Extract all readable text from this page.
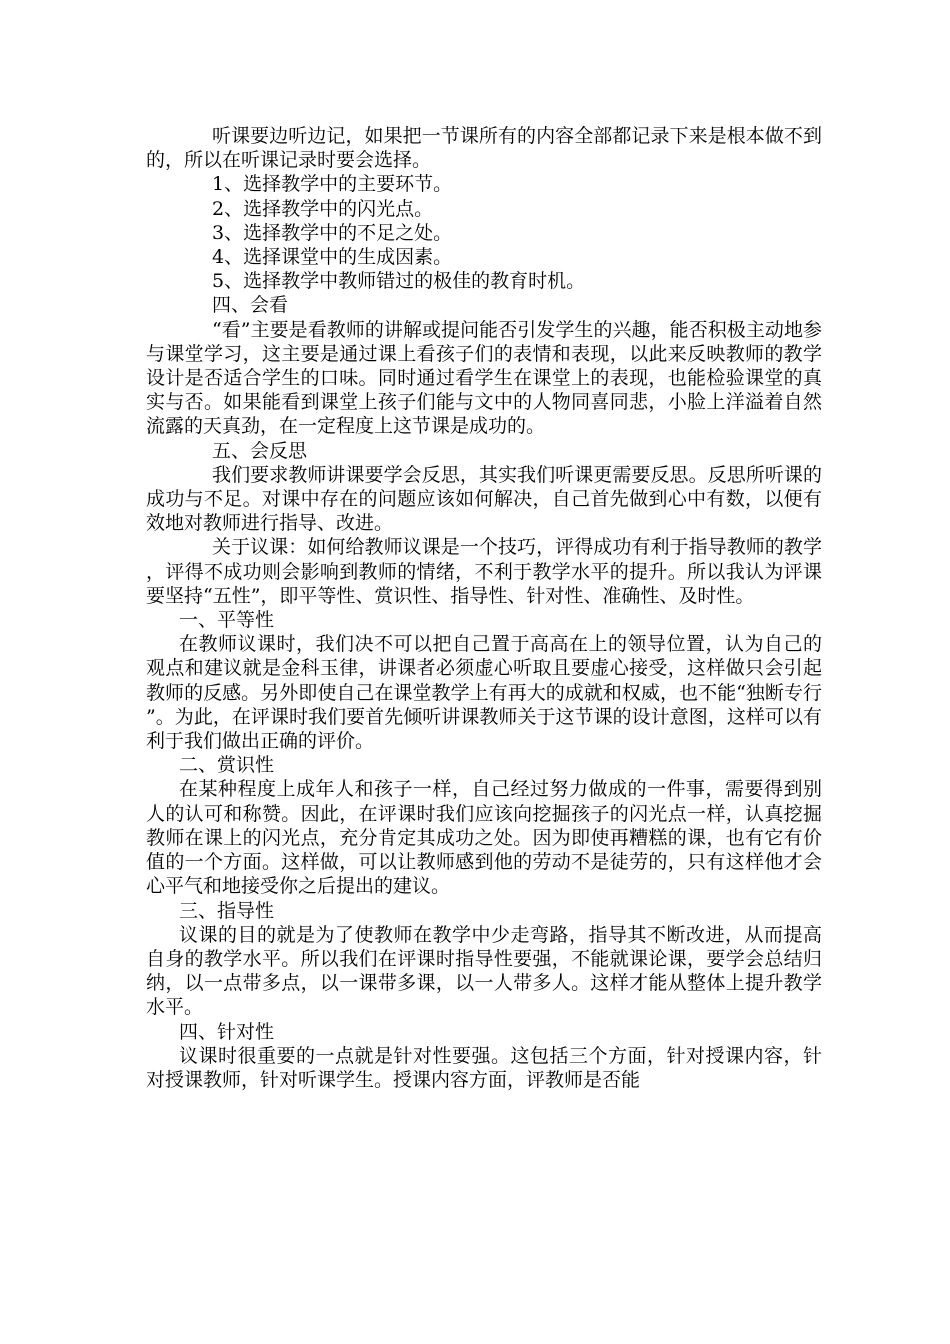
听课要边听边记，如果把一节课所有的内容全部都记录下来是根本做不到的，所以在听课记录时要会选择。

1、选择教学中的主要环节。

2、选择教学中的闪光点。

3、选择教学中的不足之处。

4、选择课堂中的生成因素。

5、选择教学中教师错过的极佳的教育时机。

四、会看

“看”主要是看教师的讲解或提问能否引发学生的兴趣，能否积极主动地参与课堂学习，这主要是通过课上看孩子们的表情和表现，以此来反映教师的教学设计是否适合学生的口味。同时通过看学生在课堂上的表现，也能检验课堂的真实与否。如果能看到课堂上孩子们能与文中的人物同喜同悲，小脸上洋溢着自然流露的天真劲，在一定程度上这节课是成功的。

五、会反思

我们要求教师讲课要学会反思，其实我们听课更需要反思。反思所听课的成功与不足。对课中存在的问题应该如何解决，自己首先做到心中有数，以便有效地对教师进行指导、改进。

关于议课：如何给教师议课是一个技巧，评得成功有利于指导教师的教学，评得不成功则会影响到教师的情绪，不利于教学水平的提升。所以我认为评课要坚持“五性”，即平等性、赏识性、指导性、针对性、准确性、及时性。

一、平等性

在教师议课时，我们决不可以把自己置于高高在上的领导位置，认为自己的观点和建议就是金科玉律，讲课者必须虚心听取且要虚心接受，这样做只会引起教师的反感。另外即使自己在课堂教学上有再大的成就和权威，也不能“独断专行”。为此，在评课时我们要首先倾听讲课教师关于这节课的设计意图，这样可以有利于我们做出正确的评价。

二、赏识性

在某种程度上成年人和孩子一样，自己经过努力做成的一件事，需要得到别人的认可和称赞。因此，在评课时我们应该向挖掘孩子的闪光点一样，认真挖掘教师在课上的闪光点，充分肯定其成功之处。因为即使再糟糕的课，也有它有价值的一个方面。这样做，可以让教师感到他的劳动不是徒劳的，只有这样他才会心平气和地接受你之后提出的建议。

三、指导性

议课的目的就是为了使教师在教学中少走弯路，指导其不断改进，从而提高自身的教学水平。所以我们在评课时指导性要强，不能就课论课，要学会总结归纳，以一点带多点，以一课带多课，以一人带多人。这样才能从整体上提升教学水平。

四、针对性

议课时很重要的一点就是针对性要强。这包括三个方面，针对授课内容，针对授课教师，针对听课学生。授课内容方面，评教师是否能
